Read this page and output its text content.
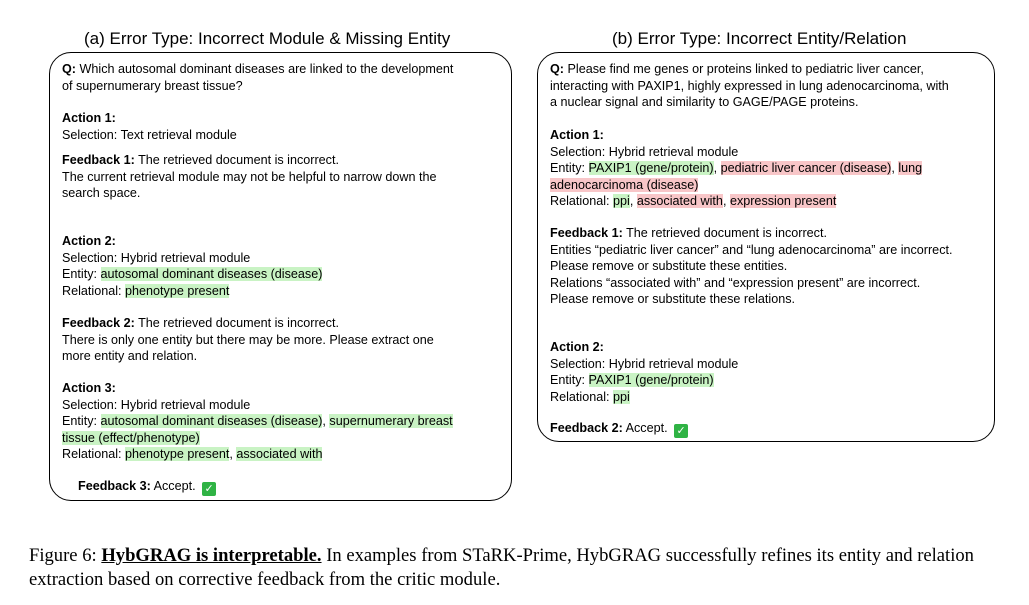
(a) Error Type: Incorrect Module & Missing Entity
Q: Which autosomal dominant diseases are linked to the development
of supernumerary breast tissue?
Action 1:
Selection: Text retrieval module
Feedback 1: The retrieved document is incorrect.
The current retrieval module may not be helpful to narrow down the
search space.
Action 2:
Selection: Hybrid retrieval module
Entity: autosomal dominant diseases (disease)
Relational: phenotype present
Feedback 2: The retrieved document is incorrect.
There is only one entity but there may be more. Please extract one
more entity and relation.
Action 3:
Selection: Hybrid retrieval module
Entity: autosomal dominant diseases (disease), supernumerary breast
tissue (effect/phenotype)
Relational: phenotype present, associated with
Feedback 3: Accept. ✓
(b) Error Type: Incorrect Entity/Relation
Q: Please find me genes or proteins linked to pediatric liver cancer,
interacting with PAXIP1, highly expressed in lung adenocarcinoma, with
a nuclear signal and similarity to GAGE/PAGE proteins.
Action 1:
Selection: Hybrid retrieval module
Entity: PAXIP1 (gene/protein), pediatric liver cancer (disease), lung
adenocarcinoma (disease)
Relational: ppi, associated with, expression present
Feedback 1: The retrieved document is incorrect.
Entities “pediatric liver cancer” and “lung adenocarcinoma” are incorrect.
Please remove or substitute these entities.
Relations “associated with” and “expression present” are incorrect.
Please remove or substitute these relations.
Action 2:
Selection: Hybrid retrieval module
Entity: PAXIP1 (gene/protein)
Relational: ppi
Feedback 2: Accept. ✓
Figure 6: HybGRAG is interpretable. In examples from STaRK-Prime, HybGRAG successfully refines its entity and relation extraction based on corrective feedback from the critic module.
